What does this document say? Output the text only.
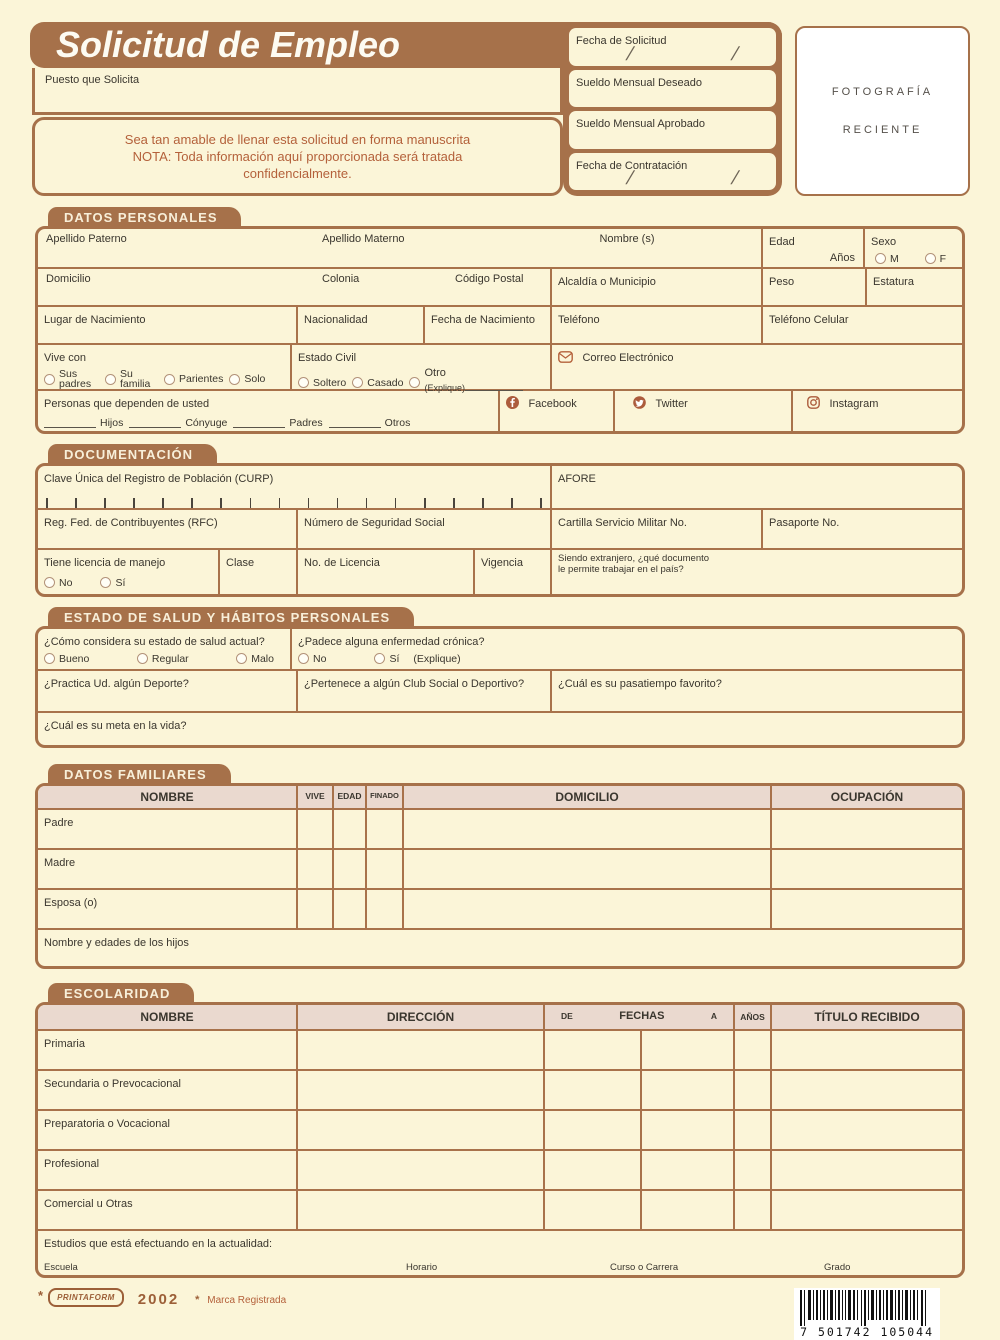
Solicitud de Empleo
Puesto que Solicita
Sea tan amable de llenar esta solicitud en forma manuscrita
NOTA: Toda información aquí proporcionada será tratada
confidencialmente.
Fecha de Solicitud
/	/
Sueldo Mensual Deseado
Sueldo Mensual Aprobado
Fecha de Contratación
/	/
FOTOGRAFÍA
RECIENTE
DATOS PERSONALES
Apellido Paterno	Apellido Materno	Nombre (s)	Edad
Años
Sexo
M	F
Domicilio	Colonia	Código Postal	Alcaldía o Municipio	Peso	Estatura
Lugar de Nacimiento	Nacionalidad	Fecha de Nacimiento	Teléfono	Teléfono Celular
Vive con
Sus padres
Su familia	Parientes Solo
Estado Civil
Soltero Casado
Otro
(Explique)
Correo Electrónico
Personas que dependen de usted
Hijos	Cónyuge	Padres	Otros
Facebook	Twitter	Instagram
DOCUMENTACIÓN
Clave Única del Registro de Población (CURP)	AFORE
Reg. Fed. de Contribuyentes (RFC)	Número de Seguridad Social	Cartilla Servicio Militar No.	Pasaporte No.
Tiene licencia de manejo
No	Sí
Clase	No. de Licencia	Vigencia	Siendo extranjero, ¿qué documento le permite trabajar en el país?
ESTADO DE SALUD Y HÁBITOS PERSONALES
¿Cómo considera su estado de salud actual?
Bueno	Regular	Malo
¿Padece alguna enfermedad crónica?
No	Sí (Explique)
¿Practica Ud. algún Deporte?	¿Pertenece a algún Club Social o Deportivo?	¿Cuál es su pasatiempo favorito?
¿Cuál es su meta en la vida?
DATOS FAMILIARES
NOMBRE	VIVE	EDAD	FINADO	DOMICILIO	OCUPACIÓN
Padre
Madre
Esposa (o)
Nombre y edades de los hijos
ESCOLARIDAD
NOMBRE	DIRECCIÓN	DE	FECHAS	A	AÑOS	TÍTULO RECIBIDO
Primaria
Secundaria o Prevocacional
Preparatoria o Vocacional
Profesional
Comercial u Otras
Estudios que está efectuando en la actualidad:
Escuela	Horario	Curso o Carrera	Grado
*	PRINTAFORM	2002 * Marca Registrada
7 501742 105044
